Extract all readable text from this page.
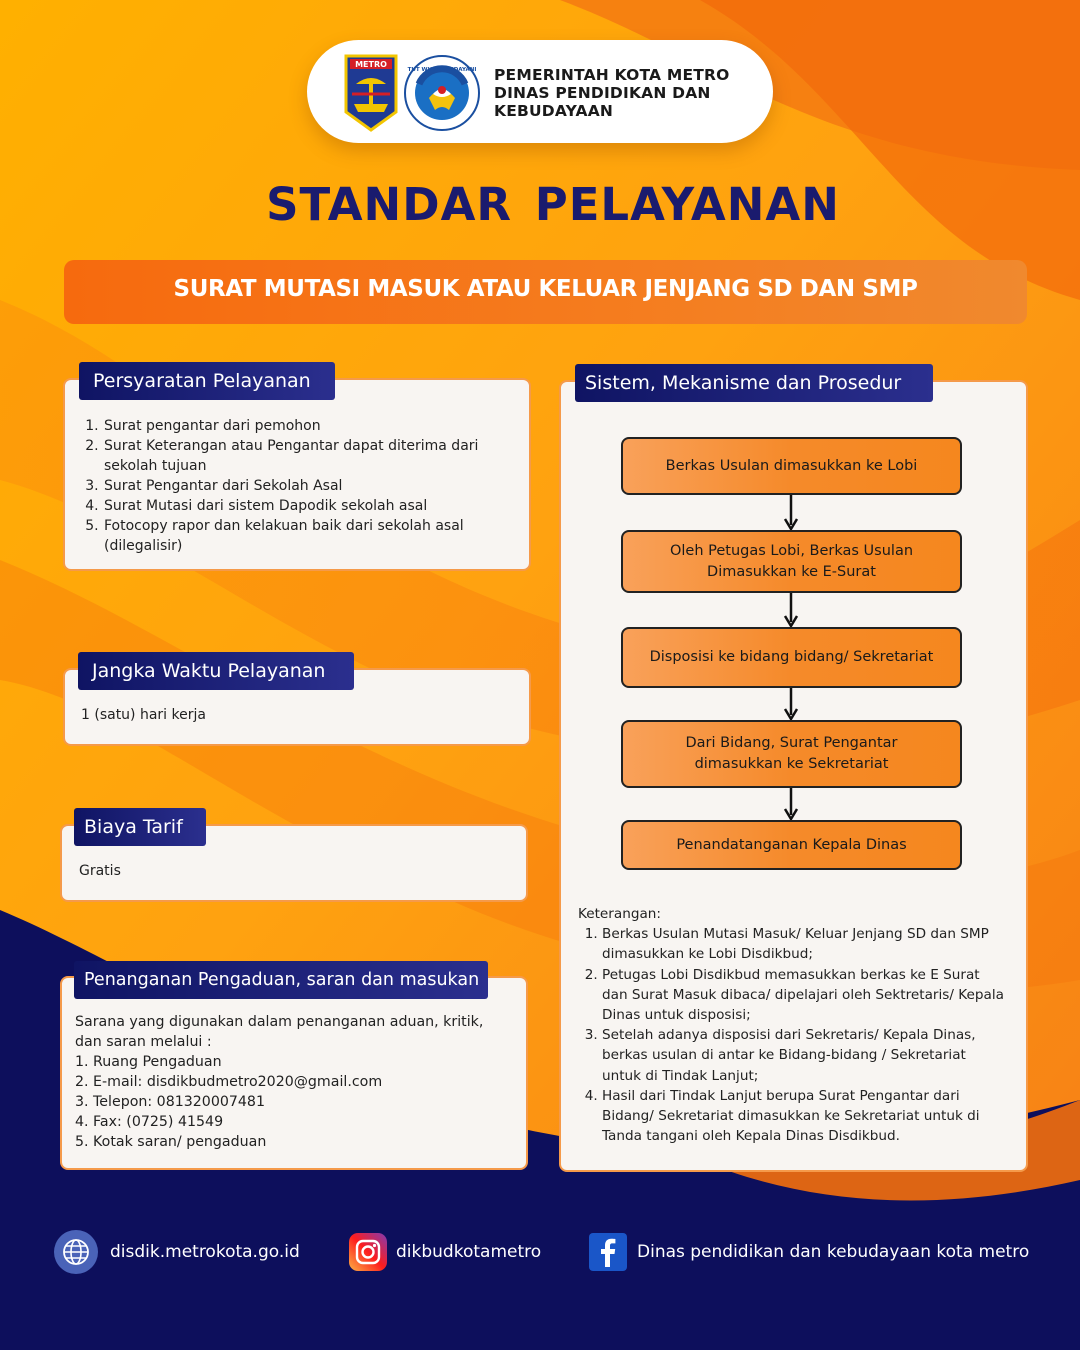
METRO
TUT WURI HANDAYANI PEMERINTAH KOTA METRO
DINAS PENDIDIKAN DAN
KEBUDAYAAN
STANDAR PELAYANAN
SURAT MUTASI MASUK ATAU KELUAR JENJANG SD DAN SMP
Persyaratan Pelayanan
1. Surat pengantar dari pemohon
2. Surat Keterangan atau Pengantar dapat diterima dari sekolah tujuan
3. Surat Pengantar dari Sekolah Asal
4. Surat Mutasi dari sistem Dapodik sekolah asal
5. Fotocopy rapor dan kelakuan baik dari sekolah asal (dilegalisir)
Jangka Waktu Pelayanan
1 (satu) hari kerja
Biaya Tarif
Gratis
Penanganan Pengaduan, saran dan masukan
Sarana yang digunakan dalam penanganan aduan, kritik,
dan saran melalui :
1. Ruang Pengaduan
2. E-mail: disdikbudmetro2020@gmail.com
3. Telepon: 081320007481
4. Fax: (0725) 41549
5. Kotak saran/ pengaduan
Sistem, Mekanisme dan Prosedur
Berkas Usulan dimasukkan ke Lobi
Oleh Petugas Lobi, Berkas Usulan Dimasukkan ke E-Surat
Disposisi ke bidang bidang/ Sekretariat
Dari Bidang, Surat Pengantar dimasukkan ke Sekretariat
Penandatanganan Kepala Dinas
Keterangan:
1. Berkas Usulan Mutasi Masuk/ Keluar Jenjang SD dan SMP dimasukkan ke Lobi Disdikbud;
2. Petugas Lobi Disdikbud memasukkan berkas ke E Surat dan Surat Masuk dibaca/ dipelajari oleh Sektretaris/ Kepala Dinas untuk disposisi;
3. Setelah adanya disposisi dari Sekretaris/ Kepala Dinas, berkas usulan di antar ke Bidang-bidang / Sekretariat untuk di Tindak Lanjut;
4. Hasil dari Tindak Lanjut berupa Surat Pengantar dari Bidang/ Sekretariat dimasukkan ke Sekretariat untuk di Tanda tangani oleh Kepala Dinas Disdikbud.
disdik.metrokota.go.id	dikbudkotametro	Dinas pendidikan dan kebudayaan kota metro
